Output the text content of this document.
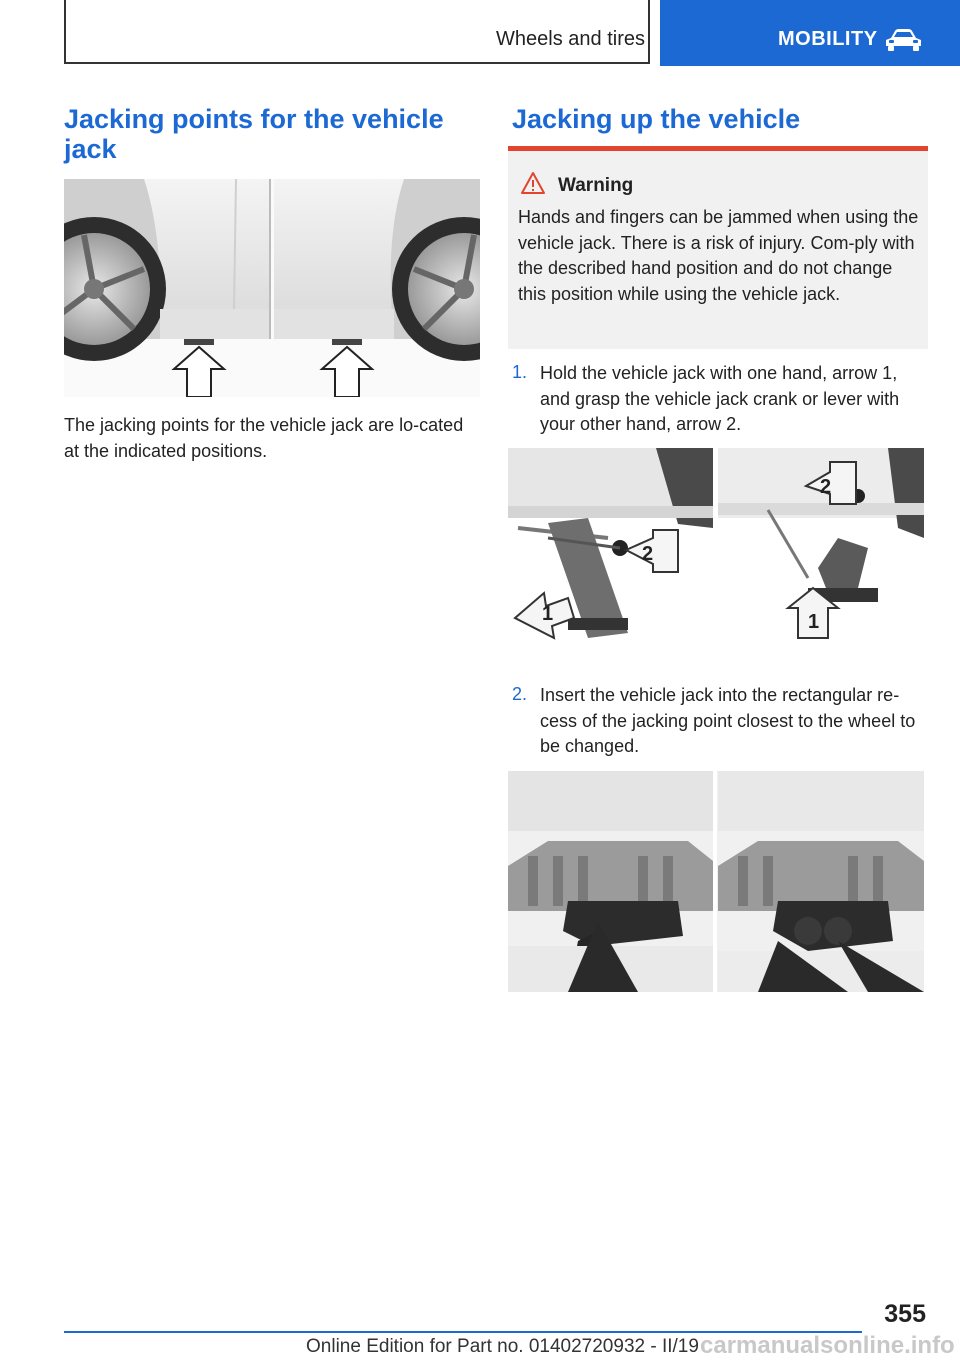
Wheels and tires	MOBILITY
Jacking points for the vehicle jack
The jacking points for the vehicle jack are lo-cated at the indicated positions.
Jacking up the vehicle
Warning
Hands and fingers can be jammed when using the vehicle jack. There is a risk of injury. Com-ply with the described hand position and do not change this position while using the vehicle jack.
1. Hold the vehicle jack with one hand, arrow 1, and grasp the vehicle jack crank or lever with your other hand, arrow 2.
1
2
2
1
2. Insert the vehicle jack into the rectangular re-cess of the jacking point closest to the wheel to be changed.
355
Online Edition for Part no. 01402720932 - II/19 carmanualsonline.info
